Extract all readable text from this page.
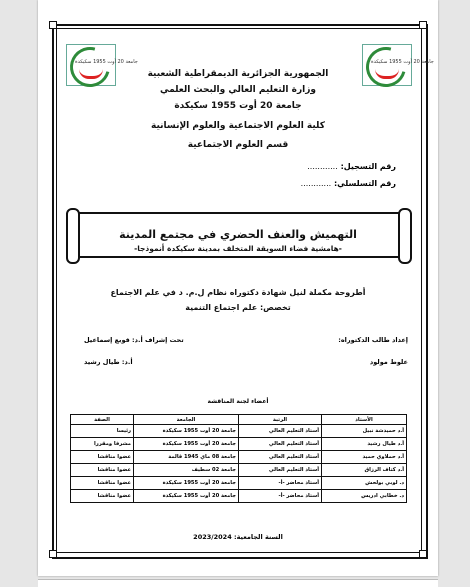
جامعة 20 أوت 1955 سكيكدة	جامعة 20 أوت 1955 سكيكدة
الجمهورية الجزائرية الديمقراطية الشعبية
وزارة التعليم العالي والبحث العلمي
جامعة 20 أوت 1955 سكيكدة
كلية العلوم الاجتماعية والعلوم الإنسانية
قسم العلوم الاجتماعية
رقم التسجيل: ............
رقم التسلسلي: ............
التهميش والعنف الحضري في مجتمع المدينة
-هامشية فضاء السويقة المتخلف بمدينة سكيكدة أنموذجا-
أطروحة مكملة لنيل شهادة دكتوراه نظام ل.م. د في علم الاجتماع
تخصص: علم اجتماع التنمية
إعداد طالب الدكتوراه:
علوط مولود
تحت إشراف أ.د: قوبع إسماعيل
أ.د: طيال رشيد
أعضاء لجنة المناقشة
الأستاذ	الرتبة	الجامعة	الصفة
أ.د حميدشة نبيل	أستاذ التعليم العالي	جامعة 20 أوت 1955 سكيكدة	رئيسا
أ.د طيال رشيد	أستاذ التعليم العالي	جامعة 20 أوت 1955 سكيكدة	مشرفا ومقررا
أ.د حملاوي حميد	أستاذ التعليم العالي	جامعة 08 ماي 1945 قالمة	عضوا مناقشا
أ.د كتاف الرزاق	أستاذ التعليم العالي	جامعة 02 سطيف	عضوا مناقشا
د. لوبي بولحش	أستاذ محاضر -أ-	جامعة 20 أوت 1955 سكيكدة	عضوا مناقشا
د. خطابي ادريس	أستاذ محاضر -أ-	جامعة 20 أوت 1955 سكيكدة	عضوا مناقشا
السنة الجامعية: 2023/2024
